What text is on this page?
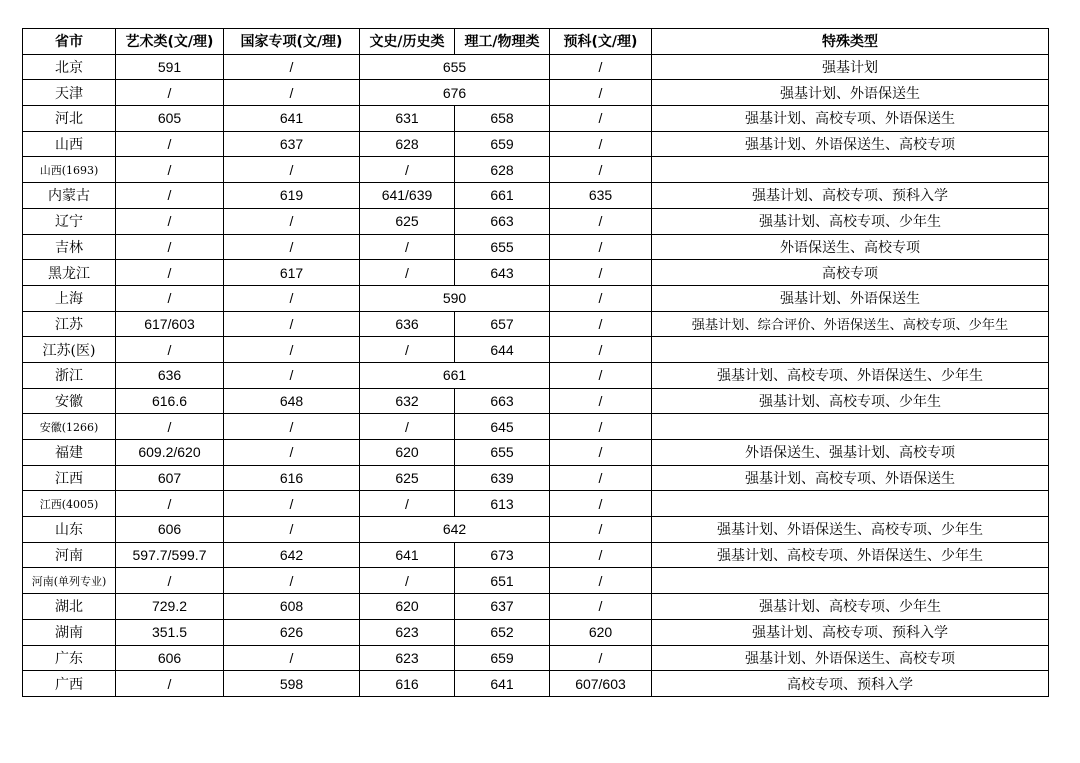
省市	艺术类(文/理)	国家专项(文/理)	文史/历史类	理工/物理类	预科(文/理)	特殊类型
北京	591	/	655		/	强基计划
天津	/	/	676		/	强基计划、外语保送生
河北	605	641	631	658	/	强基计划、高校专项、外语保送生
山西	/	637	628	659	/	强基计划、外语保送生、高校专项
山西(1693)	/	/	/	628	/	
内蒙古	/	619	641/639	661	635	强基计划、高校专项、预科入学
辽宁	/	/	625	663	/	强基计划、高校专项、少年生
吉林	/	/	/	655	/	外语保送生、高校专项
黑龙江	/	617	/	643	/	高校专项
上海	/	/	590		/	强基计划、外语保送生
江苏	617/603	/	636	657	/	强基计划、综合评价、外语保送生、高校专项、少年生
江苏(医)	/	/	/	644	/	
浙江	636	/	661		/	强基计划、高校专项、外语保送生、少年生
安徽	616.6	648	632	663	/	强基计划、高校专项、少年生
安徽(1266)	/	/	/	645	/	
福建	609.2/620	/	620	655	/	外语保送生、强基计划、高校专项
江西	607	616	625	639	/	强基计划、高校专项、外语保送生
江西(4005)	/	/	/	613	/	
山东	606	/	642		/	强基计划、外语保送生、高校专项、少年生
河南	597.7/599.7	642	641	673	/	强基计划、高校专项、外语保送生、少年生
河南(单列专业)	/	/	/	651	/	
湖北	729.2	608	620	637	/	强基计划、高校专项、少年生
湖南	351.5	626	623	652	620	强基计划、高校专项、预科入学
广东	606	/	623	659	/	强基计划、外语保送生、高校专项
广西	/	598	616	641	607/603	高校专项、预科入学
